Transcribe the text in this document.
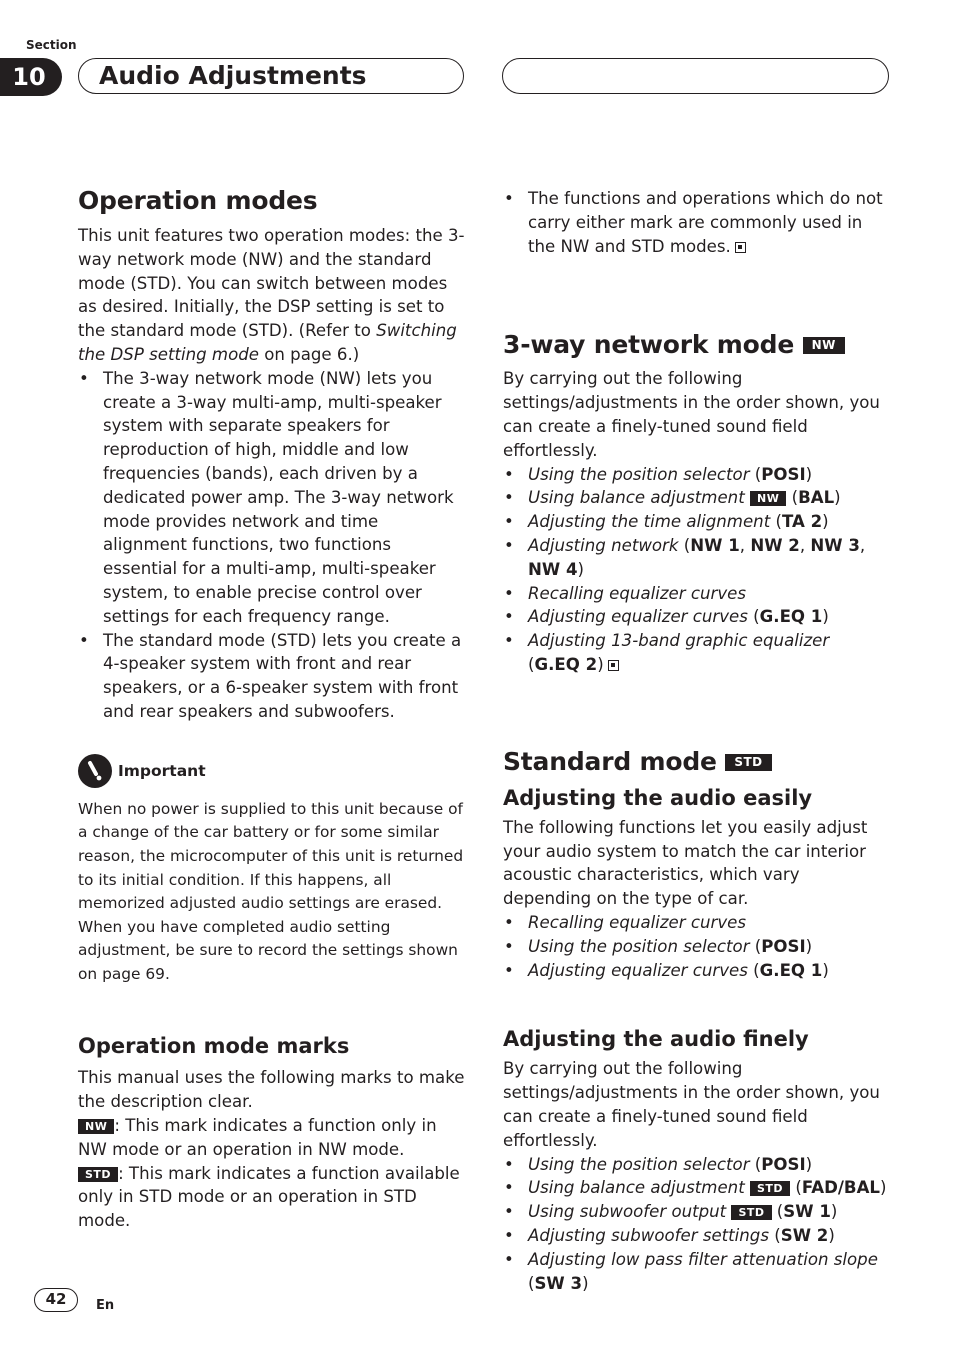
Section
10	Audio Adjustments
Operation modes

This unit features two operation modes: the 3-way network mode (NW) and the standard mode (STD). You can switch between modes as desired. Initially, the DSP setting is set to the standard mode (STD). (Refer to Switching the DSP setting mode on page 6.)

• The 3-way network mode (NW) lets you create a 3-way multi-amp, multi-speaker system with separate speakers for reproduction of high, middle and low frequencies (bands), each driven by a dedicated power amp. The 3-way network mode provides network and time alignment functions, two functions essential for a multi-amp, multi-speaker system, to enable precise control over settings for each frequency range.
• The standard mode (STD) lets you create a 4-speaker system with front and rear speakers, or a 6-speaker system with front and rear speakers and subwoofers.
Important

When no power is supplied to this unit because of a change of the car battery or for some similar reason, the microcomputer of this unit is returned to its initial condition. If this happens, all memorized adjusted audio settings are erased. When you have completed audio setting adjustment, be sure to record the settings shown on page 69.

Operation mode marks

This manual uses the following marks to make the description clear.

NW : This mark indicates a function only in NW mode or an operation in NW mode.

STD : This mark indicates a function available only in STD mode or an operation in STD mode.

• The functions and operations which do not carry either mark are commonly used in the NW and STD modes.
3-way network mode NW

By carrying out the following settings/adjustments in the order shown, you can create a finely-tuned sound field effortlessly.

• Using the position selector (POSI)
• Using balance adjustment NW (BAL)
• Adjusting the time alignment (TA 2)
• Adjusting network (NW 1, NW 2, NW 3,
NW 4)
• Recalling equalizer curves
• Adjusting equalizer curves (G.EQ 1)
• Adjusting 13-band graphic equalizer
(G.EQ 2)
Standard mode STD
Adjusting the audio easily

The following functions let you easily adjust your audio system to match the car interior acoustic characteristics, which vary depending on the type of car.

• Recalling equalizer curves
• Using the position selector (POSI)
• Adjusting equalizer curves (G.EQ 1)
Adjusting the audio finely

By carrying out the following settings/adjustments in the order shown, you can create a finely-tuned sound field effortlessly.

• Using the position selector (POSI)
• Using balance adjustment STD (FAD/BAL)
• Using subwoofer output STD (SW 1)
• Adjusting subwoofer settings (SW 2)
• Adjusting low pass filter attenuation slope
(SW 3)
42	En
